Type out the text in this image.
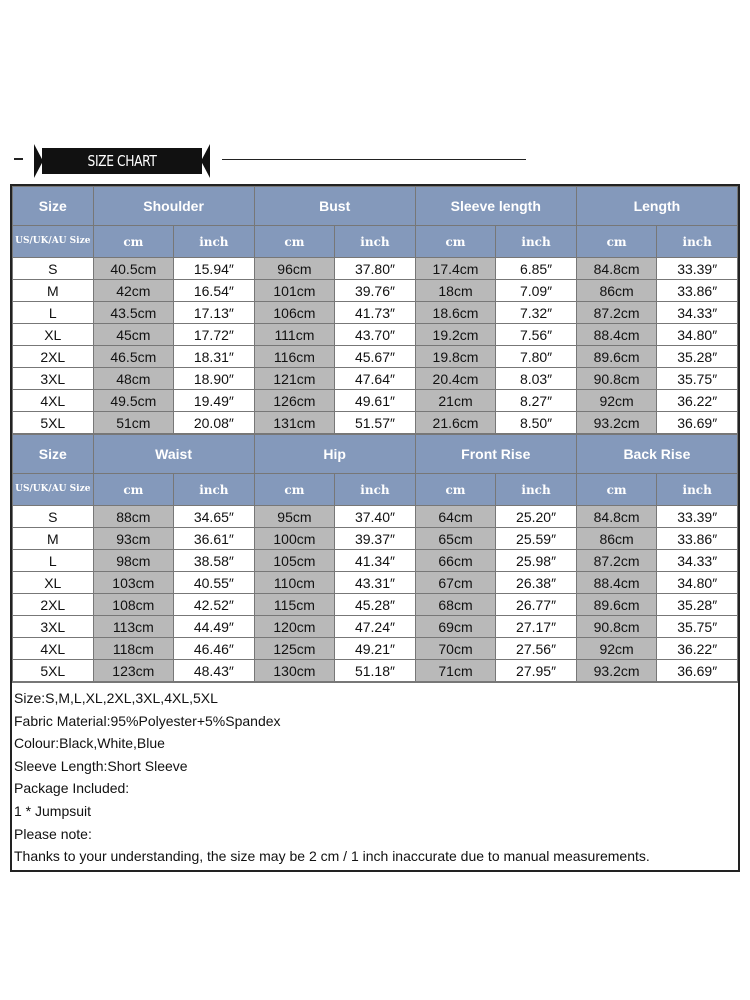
SIZE CHART
Size	Shoulder		Bust		Sleeve length		Length	
US/UK/AU Size	cm	inch	cm	inch	cm	inch	cm	inch
S	40.5cm	15.94″	96cm	37.80″	17.4cm	6.85″	84.8cm	33.39″
M	42cm	16.54″	101cm	39.76″	18cm	7.09″	86cm	33.86″
L	43.5cm	17.13″	106cm	41.73″	18.6cm	7.32″	87.2cm	34.33″
XL	45cm	17.72″	111cm	43.70″	19.2cm	7.56″	88.4cm	34.80″
2XL	46.5cm	18.31″	116cm	45.67″	19.8cm	7.80″	89.6cm	35.28″
3XL	48cm	18.90″	121cm	47.64″	20.4cm	8.03″	90.8cm	35.75″
4XL	49.5cm	19.49″	126cm	49.61″	21cm	8.27″	92cm	36.22″
5XL	51cm	20.08″	131cm	51.57″	21.6cm	8.50″	93.2cm	36.69″
Size	Waist		Hip		Front Rise		Back Rise	
US/UK/AU Size	cm	inch	cm	inch	cm	inch	cm	inch
S	88cm	34.65″	95cm	37.40″	64cm	25.20″	84.8cm	33.39″
M	93cm	36.61″	100cm	39.37″	65cm	25.59″	86cm	33.86″
L	98cm	38.58″	105cm	41.34″	66cm	25.98″	87.2cm	34.33″
XL	103cm	40.55″	110cm	43.31″	67cm	26.38″	88.4cm	34.80″
2XL	108cm	42.52″	115cm	45.28″	68cm	26.77″	89.6cm	35.28″
3XL	113cm	44.49″	120cm	47.24″	69cm	27.17″	90.8cm	35.75″
4XL	118cm	46.46″	125cm	49.21″	70cm	27.56″	92cm	36.22″
5XL	123cm	48.43″	130cm	51.18″	71cm	27.95″	93.2cm	36.69″
Size:S,M,L,XL,2XL,3XL,4XL,5XL
Fabric Material:95%Polyester+5%Spandex
Colour:Black,White,Blue
Sleeve Length:Short Sleeve
Package Included:
1 * Jumpsuit
Please note:
Thanks to your understanding, the size may be 2 cm / 1 inch inaccurate due to manual measurements.
